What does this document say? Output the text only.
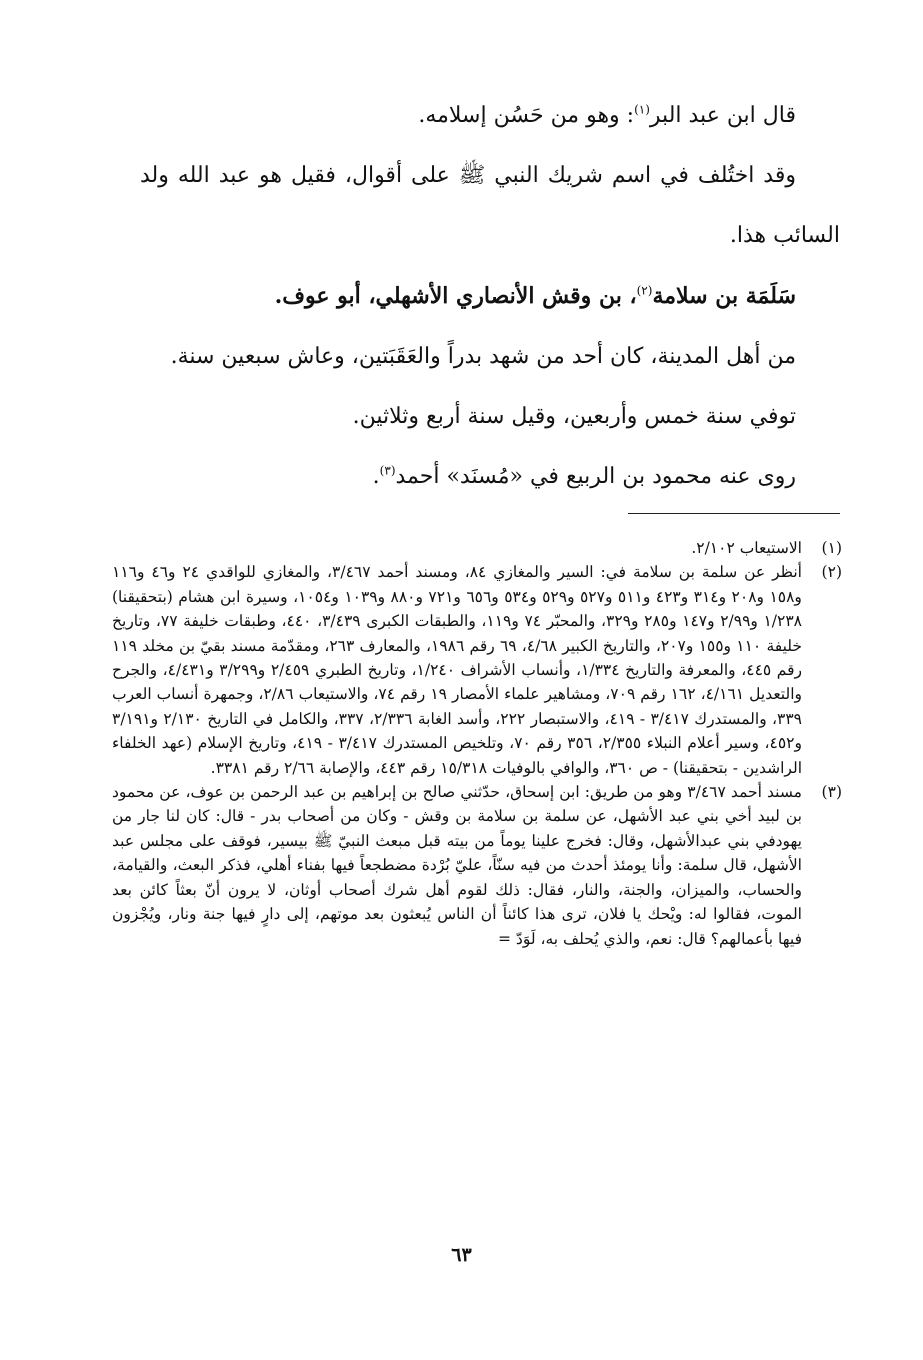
قال ابن عبد البر$^{(١)}$: وهو من حَسُن إسلامه.

وقد اختُلف في اسم شريك النبي ﷺ على أقوال، فقيل هو عبد الله ولد السائب هذا.

سَلَمَة بن سلامة$^{(٢)}$، بن وقش الأنصاري الأشهلي، أبو عوف.

من أهل المدينة، كان أحد من شهد بدراً والعَقَبَتين، وعاش سبعين سنة.

توفي سنة خمس وأربعين، وقيل سنة أربع وثلاثين.

روى عنه محمود بن الربيع في «مُسنَد» أحمد$^{(٣)}$.

(١)
الاستيعاب ٢/١٠٢.
(٢)
أنظر عن سلمة بن سلامة في: السير والمغازي ٨٤، ومسند أحمد ٣/٤٦٧، والمغازي للواقدي ٢٤ و٤٦ و١١٦ و١٥٨ و٢٠٨ و٣١٤ و٤٢٣ و٥١١ و٥٢٧ و٥٢٩ و٥٣٤ و٦٥٦ و٧٢١ و٨٨٠ و١٠٣٩ و١٠٥٤، وسيرة ابن هشام (بتحقيقنا) ١/٢٣٨ و٢/٩٩ و١٤٧ و٢٨٥ و٣٢٩، والمحبّر ٧٤ و١١٩، والطبقات الكبرى ٣/٤٣٩، ٤٤٠، وطبقات خليفة ٧٧، وتاريخ خليفة ١١٠ و١٥٥ و٢٠٧، والتاريخ الكبير ٤/٦٨، ٦٩ رقم ١٩٨٦، والمعارف ٢٦٣، ومقدّمة مسند بقيّ بن مخلد ١١٩ رقم ٤٤٥، والمعرفة والتاريخ ١/٣٣٤، وأنساب الأشراف ١/٢٤٠، وتاريخ الطبري ٢/٤٥٩ و٣/٢٩٩ و٤/٤٣١، والجرح والتعديل ٤/١٦١، ١٦٢ رقم ٧٠٩، ومشاهير علماء الأمصار ١٩ رقم ٧٤، والاستيعاب ٢/٨٦، وجمهرة أنساب العرب ٣٣٩، والمستدرك ٣/٤١٧ - ٤١٩، والاستبصار ٢٢٢، وأسد الغابة ٢/٣٣٦، ٣٣٧، والكامل في التاريخ ٢/١٣٠ و٣/١٩١ و٤٥٢، وسير أعلام النبلاء ٢/٣٥٥، ٣٥٦ رقم ٧٠، وتلخيص المستدرك ٣/٤١٧ - ٤١٩، وتاريخ الإسلام (عهد الخلفاء الراشدين - بتحقيقنا) - ص ٣٦٠، والوافي بالوفيات ١٥/٣١٨ رقم ٤٤٣، والإصابة ٢/٦٦ رقم ٣٣٨١.
(٣)
مسند أحمد ٣/٤٦٧ وهو من طريق: ابن إسحاق، حدّثني صالح بن إبراهيم بن عبد الرحمن بن عوف، عن محمود بن لبيد أخي بني عبد الأشهل، عن سلمة بن سلامة بن وقش - وكان من أصحاب بدر - قال: كان لنا جار من يهودفي بني عبدالأشهل، وقال: فخرج علينا يوماً من بيته قبل مبعث النبيّ ﷺ بيسير، فوقف على مجلس عبد الأشهل، قال سلمة: وأنا يومئذ أحدث من فيه سنّاً، عليّ بُرْدة مضطجعاً فيها بفناء أهلي، فذكر البعث، والقيامة، والحساب، والميزان، والجنة، والنار، فقال: ذلك لقوم أهل شرك أصحاب أوثان، لا يرون أنّ بعثاً كائن بعد الموت، فقالوا له: ويْحك يا فلان، ترى هذا كائناً أن الناس يُبعثون بعد موتهم، إلى دارٍ فيها جنة ونار، ويُجْزون فيها بأعمالهم؟ قال: نعم، والذي يُحلف به، لَوَدّ =
٦٣
